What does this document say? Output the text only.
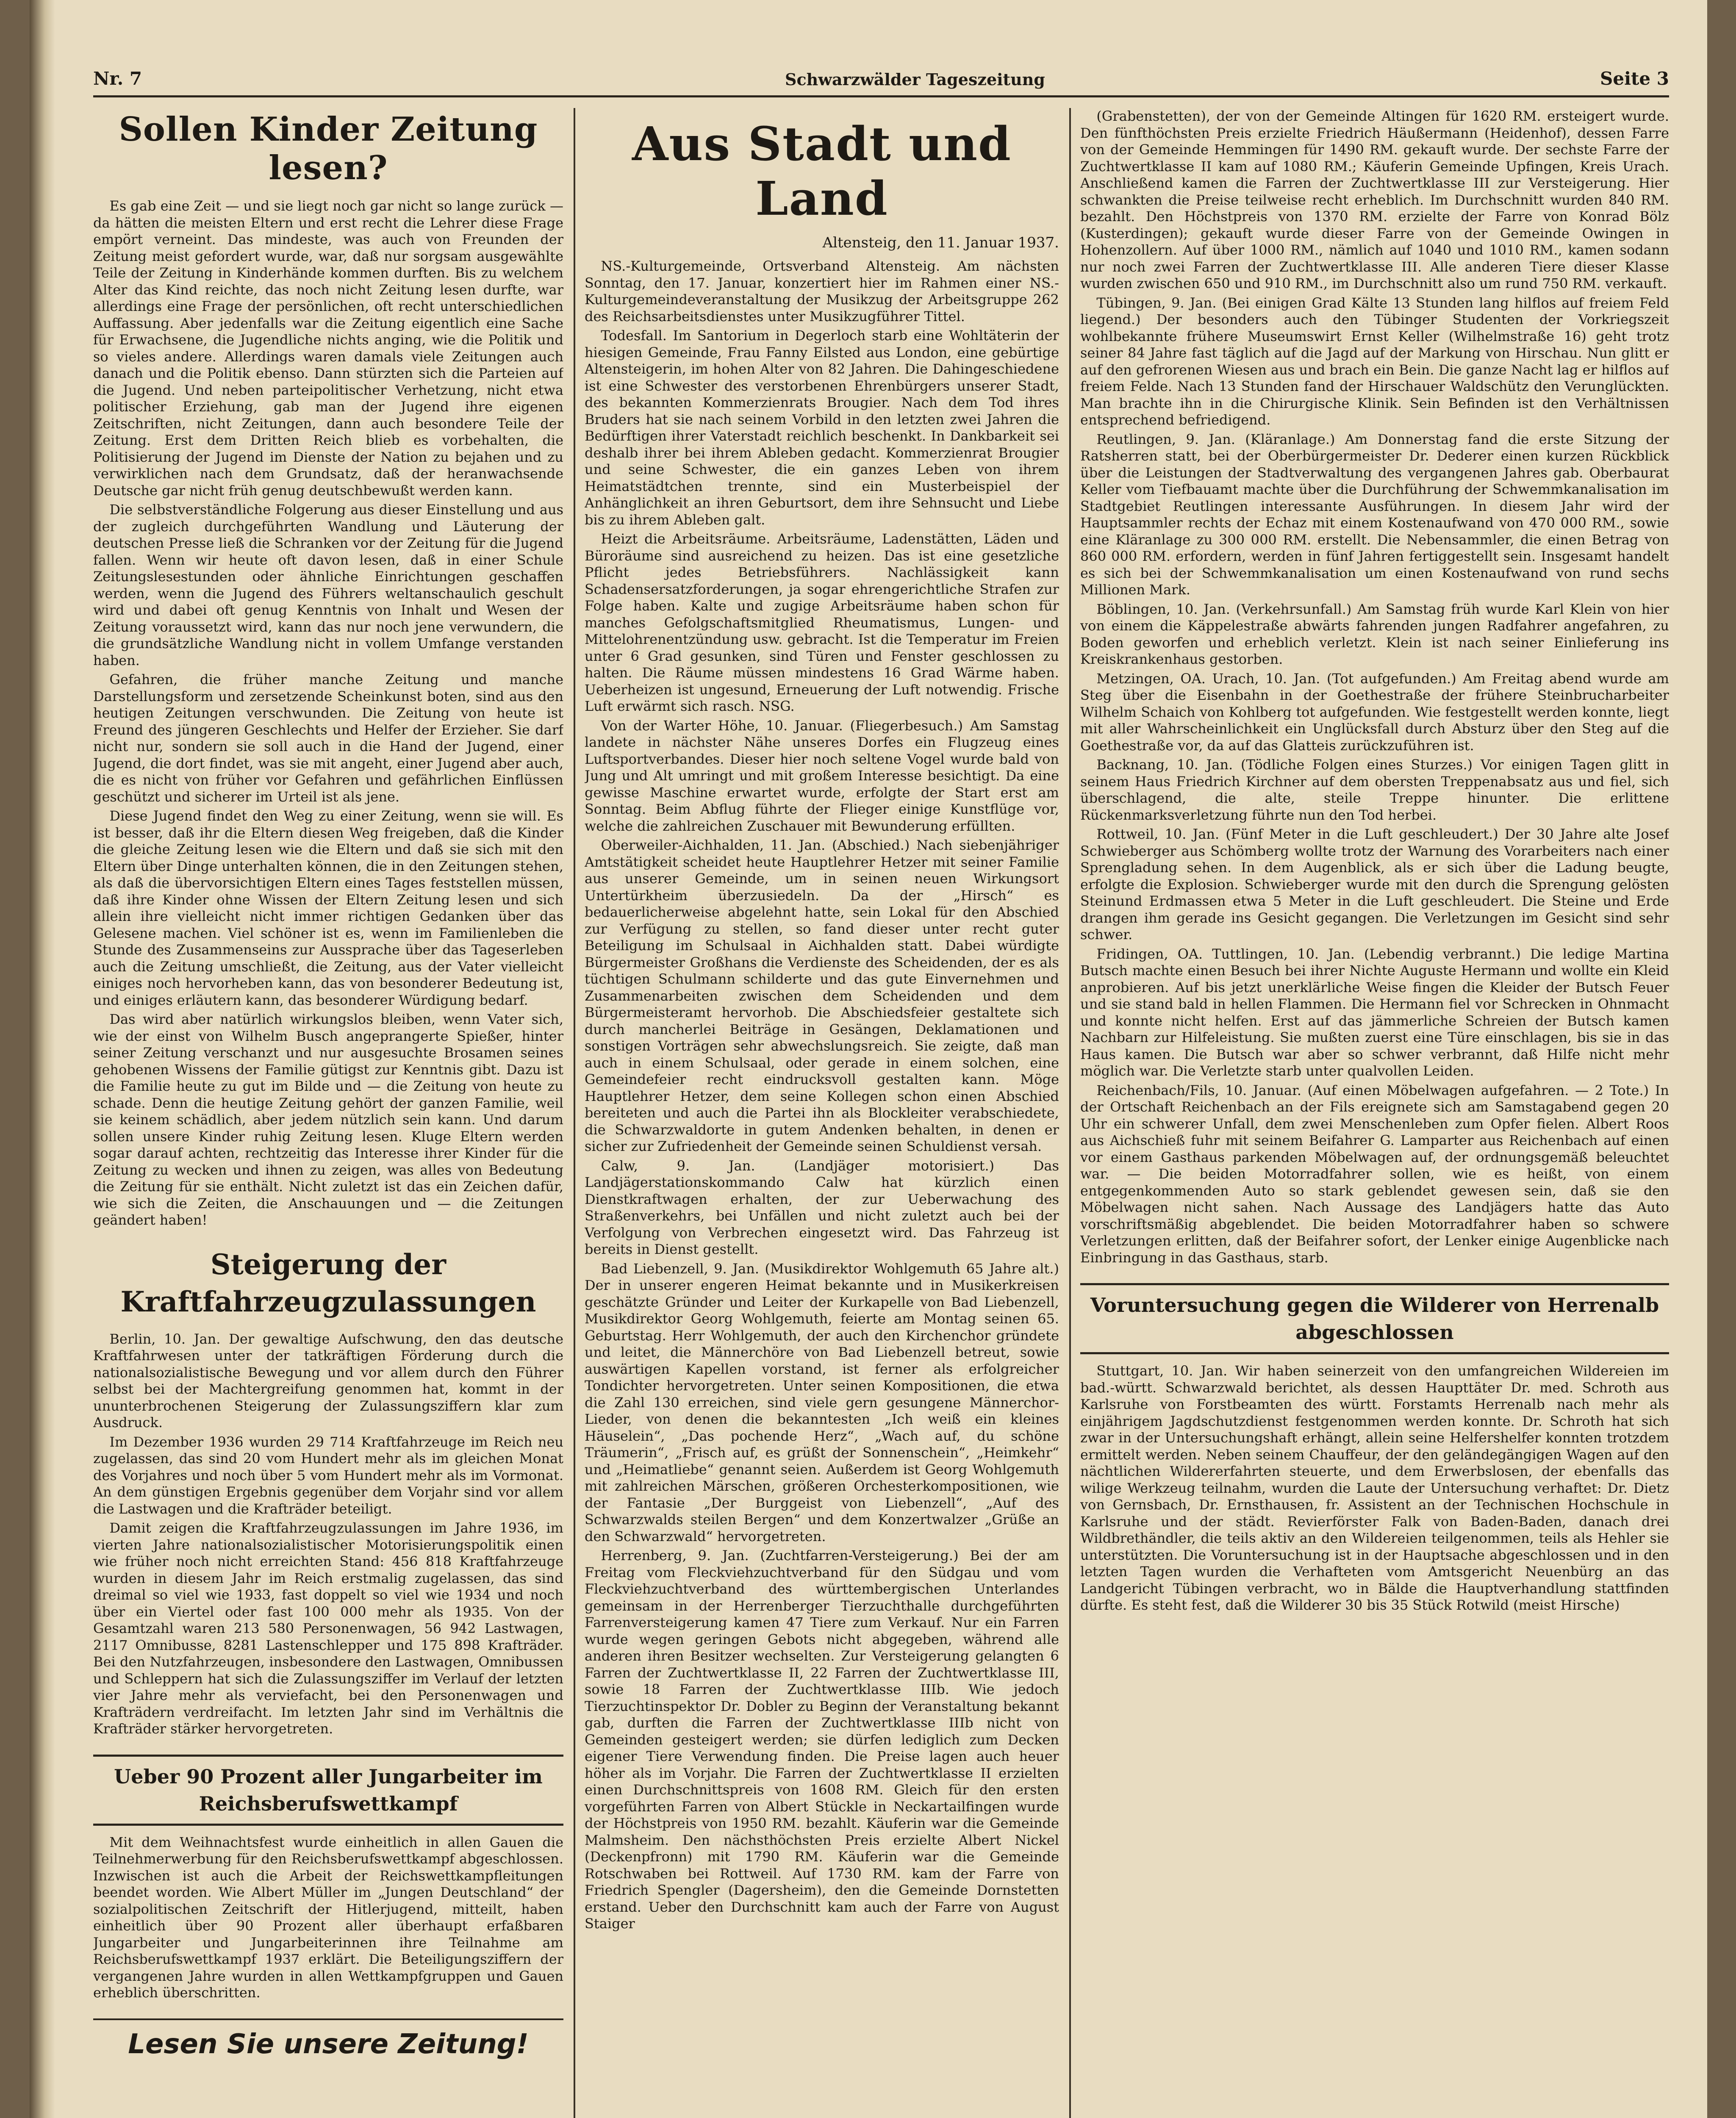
Nr. 7	Schwarzwälder Tageszeitung	Seite 3
Sollen Kinder Zeitung lesen?

Es gab eine Zeit — und sie liegt noch gar nicht so lange zurück — da hätten die meisten Eltern und erst recht die Lehrer diese Frage empört verneint. Das mindeste, was auch von Freunden der Zeitung meist gefordert wurde, war, daß nur sorgsam ausgewählte Teile der Zeitung in Kinderhände kommen durften. Bis zu welchem Alter das Kind reichte, das noch nicht Zeitung lesen durfte, war allerdings eine Frage der persönlichen, oft recht unterschiedlichen Auffassung. Aber jedenfalls war die Zeitung eigentlich eine Sache für Erwachsene, die Jugendliche nichts anging, wie die Politik und so vieles andere. Allerdings waren damals viele Zeitungen auch danach und die Politik ebenso. Dann stürzten sich die Parteien auf die Jugend. Und neben parteipolitischer Verhetzung, nicht etwa politischer Erziehung, gab man der Jugend ihre eigenen Zeitschriften, nicht Zeitungen, dann auch besondere Teile der Zeitung. Erst dem Dritten Reich blieb es vorbehalten, die Politisierung der Jugend im Dienste der Nation zu bejahen und zu verwirklichen nach dem Grundsatz, daß der heranwachsende Deutsche gar nicht früh genug deutschbewußt werden kann.

Die selbstverständliche Folgerung aus dieser Einstellung und aus der zugleich durchgeführten Wandlung und Läuterung der deutschen Presse ließ die Schranken vor der Zeitung für die Jugend fallen. Wenn wir heute oft davon lesen, daß in einer Schule Zeitungslesestunden oder ähnliche Einrichtungen geschaffen werden, wenn die Jugend des Führers weltanschaulich geschult wird und dabei oft genug Kenntnis von Inhalt und Wesen der Zeitung voraussetzt wird, kann das nur noch jene verwundern, die die grundsätzliche Wandlung nicht in vollem Umfange verstanden haben.

Gefahren, die früher manche Zeitung und manche Darstellungsform und zersetzende Scheinkunst boten, sind aus den heutigen Zeitungen verschwunden. Die Zeitung von heute ist Freund des jüngeren Geschlechts und Helfer der Erzieher. Sie darf nicht nur, sondern sie soll auch in die Hand der Jugend, einer Jugend, die dort findet, was sie mit angeht, einer Jugend aber auch, die es nicht von früher vor Gefahren und gefährlichen Einflüssen geschützt und sicherer im Urteil ist als jene.

Diese Jugend findet den Weg zu einer Zeitung, wenn sie will. Es ist besser, daß ihr die Eltern diesen Weg freigeben, daß die Kinder die gleiche Zeitung lesen wie die Eltern und daß sie sich mit den Eltern über Dinge unterhalten können, die in den Zeitungen stehen, als daß die übervorsichtigen Eltern eines Tages feststellen müssen, daß ihre Kinder ohne Wissen der Eltern Zeitung lesen und sich allein ihre vielleicht nicht immer richtigen Gedanken über das Gelesene machen. Viel schöner ist es, wenn im Familienleben die Stunde des Zusammenseins zur Aussprache über das Tageserleben auch die Zeitung umschließt, die Zeitung, aus der Vater vielleicht einiges noch hervorheben kann, das von besonderer Bedeutung ist, und einiges erläutern kann, das besonderer Würdigung bedarf.

Das wird aber natürlich wirkungslos bleiben, wenn Vater sich, wie der einst von Wilhelm Busch angeprangerte Spießer, hinter seiner Zeitung verschanzt und nur ausgesuchte Brosamen seines gehobenen Wissens der Familie gütigst zur Kenntnis gibt. Dazu ist die Familie heute zu gut im Bilde und — die Zeitung von heute zu schade. Denn die heutige Zeitung gehört der ganzen Familie, weil sie keinem schädlich, aber jedem nützlich sein kann. Und darum sollen unsere Kinder ruhig Zeitung lesen. Kluge Eltern werden sogar darauf achten, rechtzeitig das Interesse ihrer Kinder für die Zeitung zu wecken und ihnen zu zeigen, was alles von Bedeutung die Zeitung für sie enthält. Nicht zuletzt ist das ein Zeichen dafür, wie sich die Zeiten, die Anschauungen und — die Zeitungen geändert haben!

Steigerung der Kraftfahrzeugzulassungen

Berlin, 10. Jan. Der gewaltige Aufschwung, den das deutsche Kraftfahrwesen unter der tatkräftigen Förderung durch die nationalsozialistische Bewegung und vor allem durch den Führer selbst bei der Machtergreifung genommen hat, kommt in der ununterbrochenen Steigerung der Zulassungsziffern klar zum Ausdruck.

Im Dezember 1936 wurden 29 714 Kraftfahrzeuge im Reich neu zugelassen, das sind 20 vom Hundert mehr als im gleichen Monat des Vorjahres und noch über 5 vom Hundert mehr als im Vormonat. An dem günstigen Ergebnis gegenüber dem Vorjahr sind vor allem die Lastwagen und die Krafträder beteiligt.

Damit zeigen die Kraftfahrzeugzulassungen im Jahre 1936, im vierten Jahre nationalsozialistischer Motorisierungspolitik einen wie früher noch nicht erreichten Stand: 456 818 Kraftfahrzeuge wurden in diesem Jahr im Reich erstmalig zugelassen, das sind dreimal so viel wie 1933, fast doppelt so viel wie 1934 und noch über ein Viertel oder fast 100 000 mehr als 1935. Von der Gesamtzahl waren 213 580 Personenwagen, 56 942 Lastwagen, 2117 Omnibusse, 8281 Lastenschlepper und 175 898 Krafträder. Bei den Nutzfahrzeugen, insbesondere den Lastwagen, Omnibussen und Schleppern hat sich die Zulassungsziffer im Verlauf der letzten vier Jahre mehr als verviefacht, bei den Personenwagen und Krafträdern verdreifacht. Im letzten Jahr sind im Verhältnis die Krafträder stärker hervorgetreten.

Ueber 90 Prozent aller Jungarbeiter im Reichsberufswettkampf

Mit dem Weihnachtsfest wurde einheitlich in allen Gauen die Teilnehmerwerbung für den Reichsberufswettkampf abgeschlossen. Inzwischen ist auch die Arbeit der Reichswettkampfleitungen beendet worden. Wie Albert Müller im „Jungen Deutschland“ der sozialpolitischen Zeitschrift der Hitlerjugend, mitteilt, haben einheitlich über 90 Prozent aller überhaupt erfaßbaren Jungarbeiter und Jungarbeiterinnen ihre Teilnahme am Reichsberufswettkampf 1937 erklärt. Die Beteiligungsziffern der vergangenen Jahre wurden in allen Wettkampfgruppen und Gauen erheblich überschritten.

Lesen Sie unsere Zeitung!
Aus Stadt und Land
Altensteig, den 11. Januar 1937.

NS.-Kulturgemeinde, Ortsverband Altensteig. Am nächsten Sonntag, den 17. Januar, konzertiert hier im Rahmen einer NS.-Kulturgemeindeveranstaltung der Musikzug der Arbeitsgruppe 262 des Reichsarbeitsdienstes unter Musikzugführer Tittel.

Todesfall. Im Santorium in Degerloch starb eine Wohltäterin der hiesigen Gemeinde, Frau Fanny Eilsted aus London, eine gebürtige Altensteigerin, im hohen Alter von 82 Jahren. Die Dahingeschiedene ist eine Schwester des verstorbenen Ehrenbürgers unserer Stadt, des bekannten Kommerzienrats Brougier. Nach dem Tod ihres Bruders hat sie nach seinem Vorbild in den letzten zwei Jahren die Bedürftigen ihrer Vaterstadt reichlich beschenkt. In Dankbarkeit sei deshalb ihrer bei ihrem Ableben gedacht. Kommerzienrat Brougier und seine Schwester, die ein ganzes Leben von ihrem Heimatstädtchen trennte, sind ein Musterbeispiel der Anhänglichkeit an ihren Geburtsort, dem ihre Sehnsucht und Liebe bis zu ihrem Ableben galt.

Heizt die Arbeitsräume. Arbeitsräume, Ladenstätten, Läden und Büroräume sind ausreichend zu heizen. Das ist eine gesetzliche Pflicht jedes Betriebsführers. Nachlässigkeit kann Schadensersatzforderungen, ja sogar ehrengerichtliche Strafen zur Folge haben. Kalte und zugige Arbeitsräume haben schon für manches Gefolgschaftsmitglied Rheumatismus, Lungen- und Mittelohrenentzündung usw. gebracht. Ist die Temperatur im Freien unter 6 Grad gesunken, sind Türen und Fenster geschlossen zu halten. Die Räume müssen mindestens 16 Grad Wärme haben. Ueberheizen ist ungesund, Erneuerung der Luft notwendig. Frische Luft erwärmt sich rasch. NSG.

Von der Warter Höhe, 10. Januar. (Fliegerbesuch.) Am Samstag landete in nächster Nähe unseres Dorfes ein Flugzeug eines Luftsportverbandes. Dieser hier noch seltene Vogel wurde bald von Jung und Alt umringt und mit großem Interesse besichtigt. Da eine gewisse Maschine erwartet wurde, erfolgte der Start erst am Sonntag. Beim Abflug führte der Flieger einige Kunstflüge vor, welche die zahlreichen Zuschauer mit Bewunderung erfüllten.

Oberweiler-Aichhalden, 11. Jan. (Abschied.) Nach siebenjähriger Amtstätigkeit scheidet heute Hauptlehrer Hetzer mit seiner Familie aus unserer Gemeinde, um in seinen neuen Wirkungsort Untertürkheim überzusiedeln. Da der „Hirsch“ es bedauerlicherweise abgelehnt hatte, sein Lokal für den Abschied zur Verfügung zu stellen, so fand dieser unter recht guter Beteiligung im Schulsaal in Aichhalden statt. Dabei würdigte Bürgermeister Großhans die Verdienste des Scheidenden, der es als tüchtigen Schulmann schilderte und das gute Einvernehmen und Zusammenarbeiten zwischen dem Scheidenden und dem Bürgermeisteramt hervorhob. Die Abschiedsfeier gestaltete sich durch mancherlei Beiträge in Gesängen, Deklamationen und sonstigen Vorträgen sehr abwechslungsreich. Sie zeigte, daß man auch in einem Schulsaal, oder gerade in einem solchen, eine Gemeindefeier recht eindrucksvoll gestalten kann. Möge Hauptlehrer Hetzer, dem seine Kollegen schon einen Abschied bereiteten und auch die Partei ihn als Blockleiter verabschiedete, die Schwarzwaldorte in gutem Andenken behalten, in denen er sicher zur Zufriedenheit der Gemeinde seinen Schuldienst versah.

Calw, 9. Jan. (Landjäger motorisiert.) Das Landjägerstationskommando Calw hat kürzlich einen Dienstkraftwagen erhalten, der zur Ueberwachung des Straßenverkehrs, bei Unfällen und nicht zuletzt auch bei der Verfolgung von Verbrechen eingesetzt wird. Das Fahrzeug ist bereits in Dienst gestellt.

Bad Liebenzell, 9. Jan. (Musikdirektor Wohlgemuth 65 Jahre alt.) Der in unserer engeren Heimat bekannte und in Musikerkreisen geschätzte Gründer und Leiter der Kurkapelle von Bad Liebenzell, Musikdirektor Georg Wohlgemuth, feierte am Montag seinen 65. Geburtstag. Herr Wohlgemuth, der auch den Kirchenchor gründete und leitet, die Männerchöre von Bad Liebenzell betreut, sowie auswärtigen Kapellen vorstand, ist ferner als erfolgreicher Tondichter hervorgetreten. Unter seinen Kompositionen, die etwa die Zahl 130 erreichen, sind viele gern gesungene Männerchor-Lieder, von denen die bekanntesten „Ich weiß ein kleines Häuselein“, „Das pochende Herz“, „Wach auf, du schöne Träumerin“, „Frisch auf, es grüßt der Sonnenschein“, „Heimkehr“ und „Heimatliebe“ genannt seien. Außerdem ist Georg Wohlgemuth mit zahlreichen Märschen, größeren Orchesterkompositionen, wie der Fantasie „Der Burggeist von Liebenzell“, „Auf des Schwarzwalds steilen Bergen“ und dem Konzertwalzer „Grüße an den Schwarzwald“ hervorgetreten.

Herrenberg, 9. Jan. (Zuchtfarren-Versteigerung.) Bei der am Freitag vom Fleckviehzuchtverband für den Südgau und vom Fleckviehzuchtverband des württembergischen Unterlandes gemeinsam in der Herrenberger Tierzuchthalle durchgeführten Farrenversteigerung kamen 47 Tiere zum Verkauf. Nur ein Farren wurde wegen geringen Gebots nicht abgegeben, während alle anderen ihren Besitzer wechselten. Zur Versteigerung gelangten 6 Farren der Zuchtwertklasse II, 22 Farren der Zuchtwertklasse III, sowie 18 Farren der Zuchtwertklasse IIIb. Wie jedoch Tierzuchtinspektor Dr. Dobler zu Beginn der Veranstaltung bekannt gab, durften die Farren der Zuchtwertklasse IIIb nicht von Gemeinden gesteigert werden; sie dürfen lediglich zum Decken eigener Tiere Verwendung finden. Die Preise lagen auch heuer höher als im Vorjahr. Die Farren der Zuchtwertklasse II erzielten einen Durchschnittspreis von 1608 RM. Gleich für den ersten vorgeführten Farren von Albert Stückle in Neckartailfingen wurde der Höchstpreis von 1950 RM. bezahlt. Käuferin war die Gemeinde Malmsheim. Den nächsthöchsten Preis erzielte Albert Nickel (Deckenpfronn) mit 1790 RM. Käuferin war die Gemeinde Rotschwaben bei Rottweil. Auf 1730 RM. kam der Farre von Friedrich Spengler (Dagersheim), den die Gemeinde Dornstetten erstand. Ueber den Durchschnitt kam auch der Farre von August Staiger

(Grabenstetten), der von der Gemeinde Altingen für 1620 RM. ersteigert wurde. Den fünfthöchsten Preis erzielte Friedrich Häußermann (Heidenhof), dessen Farre von der Gemeinde Hemmingen für 1490 RM. gekauft wurde. Der sechste Farre der Zuchtwertklasse II kam auf 1080 RM.; Käuferin Gemeinde Upfingen, Kreis Urach. Anschließend kamen die Farren der Zuchtwertklasse III zur Versteigerung. Hier schwankten die Preise teilweise recht erheblich. Im Durchschnitt wurden 840 RM. bezahlt. Den Höchstpreis von 1370 RM. erzielte der Farre von Konrad Bölz (Kusterdingen); gekauft wurde dieser Farre von der Gemeinde Owingen in Hohenzollern. Auf über 1000 RM., nämlich auf 1040 und 1010 RM., kamen sodann nur noch zwei Farren der Zuchtwertklasse III. Alle anderen Tiere dieser Klasse wurden zwischen 650 und 910 RM., im Durchschnitt also um rund 750 RM. verkauft.

Tübingen, 9. Jan. (Bei einigen Grad Kälte 13 Stunden lang hilflos auf freiem Feld liegend.) Der besonders auch den Tübinger Studenten der Vorkriegszeit wohlbekannte frühere Museumswirt Ernst Keller (Wilhelmstraße 16) geht trotz seiner 84 Jahre fast täglich auf die Jagd auf der Markung von Hirschau. Nun glitt er auf den gefrorenen Wiesen aus und brach ein Bein. Die ganze Nacht lag er hilflos auf freiem Felde. Nach 13 Stunden fand der Hirschauer Waldschütz den Verunglückten. Man brachte ihn in die Chirurgische Klinik. Sein Befinden ist den Verhältnissen entsprechend befriedigend.

Reutlingen, 9. Jan. (Kläranlage.) Am Donnerstag fand die erste Sitzung der Ratsherren statt, bei der Oberbürgermeister Dr. Dederer einen kurzen Rückblick über die Leistungen der Stadtverwaltung des vergangenen Jahres gab. Oberbaurat Keller vom Tiefbauamt machte über die Durchführung der Schwemmkanalisation im Stadtgebiet Reutlingen interessante Ausführungen. In diesem Jahr wird der Hauptsammler rechts der Echaz mit einem Kostenaufwand von 470 000 RM., sowie eine Kläranlage zu 300 000 RM. erstellt. Die Nebensammler, die einen Betrag von 860 000 RM. erfordern, werden in fünf Jahren fertiggestellt sein. Insgesamt handelt es sich bei der Schwemmkanalisation um einen Kostenaufwand von rund sechs Millionen Mark.

Böblingen, 10. Jan. (Verkehrsunfall.) Am Samstag früh wurde Karl Klein von hier von einem die Käppelestraße abwärts fahrenden jungen Radfahrer angefahren, zu Boden geworfen und erheblich verletzt. Klein ist nach seiner Einlieferung ins Kreiskrankenhaus gestorben.

Metzingen, OA. Urach, 10. Jan. (Tot aufgefunden.) Am Freitag abend wurde am Steg über die Eisenbahn in der Goethestraße der frühere Steinbrucharbeiter Wilhelm Schaich von Kohlberg tot aufgefunden. Wie festgestellt werden konnte, liegt mit aller Wahrscheinlichkeit ein Unglücksfall durch Absturz über den Steg auf die Goethestraße vor, da auf das Glatteis zurückzuführen ist.

Backnang, 10. Jan. (Tödliche Folgen eines Sturzes.) Vor einigen Tagen glitt in seinem Haus Friedrich Kirchner auf dem obersten Treppenabsatz aus und fiel, sich überschlagend, die alte, steile Treppe hinunter. Die erlittene Rückenmarksverletzung führte nun den Tod herbei.

Rottweil, 10. Jan. (Fünf Meter in die Luft geschleudert.) Der 30 Jahre alte Josef Schwieberger aus Schömberg wollte trotz der Warnung des Vorarbeiters nach einer Sprengladung sehen. In dem Augenblick, als er sich über die Ladung beugte, erfolgte die Explosion. Schwieberger wurde mit den durch die Sprengung gelösten Steinund Erdmassen etwa 5 Meter in die Luft geschleudert. Die Steine und Erde drangen ihm gerade ins Gesicht gegangen. Die Verletzungen im Gesicht sind sehr schwer.

Fridingen, OA. Tuttlingen, 10. Jan. (Lebendig verbrannt.) Die ledige Martina Butsch machte einen Besuch bei ihrer Nichte Auguste Hermann und wollte ein Kleid anprobieren. Auf bis jetzt unerklärliche Weise fingen die Kleider der Butsch Feuer und sie stand bald in hellen Flammen. Die Hermann fiel vor Schrecken in Ohnmacht und konnte nicht helfen. Erst auf das jämmerliche Schreien der Butsch kamen Nachbarn zur Hilfeleistung. Sie mußten zuerst eine Türe einschlagen, bis sie in das Haus kamen. Die Butsch war aber so schwer verbrannt, daß Hilfe nicht mehr möglich war. Die Verletzte starb unter qualvollen Leiden.

Reichenbach/Fils, 10. Januar. (Auf einen Möbelwagen aufgefahren. — 2 Tote.) In der Ortschaft Reichenbach an der Fils ereignete sich am Samstagabend gegen 20 Uhr ein schwerer Unfall, dem zwei Menschenleben zum Opfer fielen. Albert Roos aus Aichschieß fuhr mit seinem Beifahrer G. Lamparter aus Reichenbach auf einen vor einem Gasthaus parkenden Möbelwagen auf, der ordnungsgemäß beleuchtet war. — Die beiden Motorradfahrer sollen, wie es heißt, von einem entgegenkommenden Auto so stark geblendet gewesen sein, daß sie den Möbelwagen nicht sahen. Nach Aussage des Landjägers hatte das Auto vorschriftsmäßig abgeblendet. Die beiden Motorradfahrer haben so schwere Verletzungen erlitten, daß der Beifahrer sofort, der Lenker einige Augenblicke nach Einbringung in das Gasthaus, starb.

Voruntersuchung gegen die Wilderer von Herrenalb abgeschlossen

Stuttgart, 10. Jan. Wir haben seinerzeit von den umfangreichen Wildereien im bad.-württ. Schwarzwald berichtet, als dessen Haupttäter Dr. med. Schroth aus Karlsruhe von Forstbeamten des württ. Forstamts Herrenalb nach mehr als einjährigem Jagdschutzdienst festgenommen werden konnte. Dr. Schroth hat sich zwar in der Untersuchungshaft erhängt, allein seine Helfershelfer konnten trotzdem ermittelt werden. Neben seinem Chauffeur, der den geländegängigen Wagen auf den nächtlichen Wildererfahrten steuerte, und dem Erwerbslosen, der ebenfalls das wilige Werkzeug teilnahm, wurden die Laute der Untersuchung verhaftet: Dr. Dietz von Gernsbach, Dr. Ernsthausen, fr. Assistent an der Technischen Hochschule in Karlsruhe und der städt. Revierförster Falk von Baden-Baden, danach drei Wildbrethändler, die teils aktiv an den Wildereien teilgenommen, teils als Hehler sie unterstützten. Die Voruntersuchung ist in der Hauptsache abgeschlossen und in den letzten Tagen wurden die Verhafteten vom Amtsgericht Neuenbürg an das Landgericht Tübingen verbracht, wo in Bälde die Hauptverhandlung stattfinden dürfte. Es steht fest, daß die Wilderer 30 bis 35 Stück Rotwild (meist Hirsche)
